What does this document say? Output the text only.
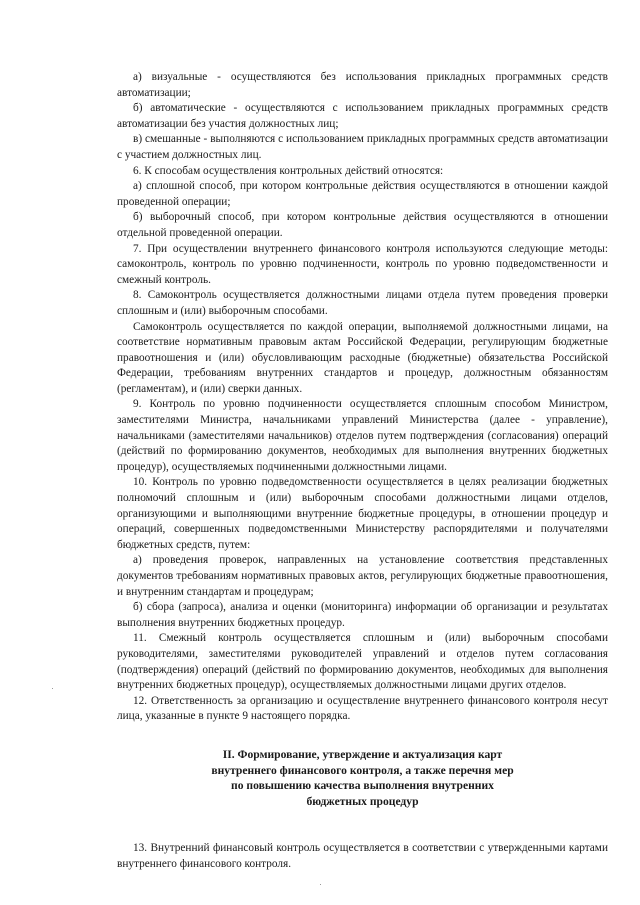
а) визуальные - осуществляются без использования прикладных программных средств автоматизации;

б) автоматические - осуществляются с использованием прикладных программных средств автоматизации без участия должностных лиц;

в) смешанные - выполняются с использованием прикладных программных средств автоматизации с участием должностных лиц.

6. К способам осуществления контрольных действий относятся:

а) сплошной способ, при котором контрольные действия осуществляются в отношении каждой проведенной операции;

б) выборочный способ, при котором контрольные действия осуществляются в отношении отдельной проведенной операции.

7. При осуществлении внутреннего финансового контроля используются следующие методы: самоконтроль, контроль по уровню подчиненности, контроль по уровню подведомственности и смежный контроль.

8. Самоконтроль осуществляется должностными лицами отдела путем проведения проверки сплошным и (или) выборочным способами.

Самоконтроль осуществляется по каждой операции, выполняемой должностными лицами, на соответствие нормативным правовым актам Российской Федерации, регулирующим бюджетные правоотношения и (или) обусловливающим расходные (бюджетные) обязательства Российской Федерации, требованиям внутренних стандартов и процедур, должностным обязанностям (регламентам), и (или) сверки данных.

9. Контроль по уровню подчиненности осуществляется сплошным способом Министром, заместителями Министра, начальниками управлений Министерства (далее - управление), начальниками (заместителями начальников) отделов путем подтверждения (согласования) операций (действий по формированию документов, необходимых для выполнения внутренних бюджетных процедур), осуществляемых подчиненными должностными лицами.

10. Контроль по уровню подведомственности осуществляется в целях реализации бюджетных полномочий сплошным и (или) выборочным способами должностными лицами отделов, организующими и выполняющими внутренние бюджетные процедуры, в отношении процедур и операций, совершенных подведомственными Министерству распорядителями и получателями бюджетных средств, путем:

а) проведения проверок, направленных на установление соответствия представленных документов требованиям нормативных правовых актов, регулирующих бюджетные правоотношения, и внутренним стандартам и процедурам;

б) сбора (запроса), анализа и оценки (мониторинга) информации об организации и результатах выполнения внутренних бюджетных процедур.

11. Смежный контроль осуществляется сплошным и (или) выборочным способами руководителями, заместителями руководителей управлений и отделов путем согласования (подтверждения) операций (действий по формированию документов, необходимых для выполнения внутренних бюджетных процедур), осуществляемых должностными лицами других отделов.

12. Ответственность за организацию и осуществление внутреннего финансового контроля несут лица, указанные в пункте 9 настоящего порядка.

II. Формирование, утверждение и актуализация карт
внутреннего финансового контроля, а также перечня мер
по повышению качества выполнения внутренних
бюджетных процедур

13. Внутренний финансовый контроль осуществляется в соответствии с утвержденными картами внутреннего финансового контроля.
